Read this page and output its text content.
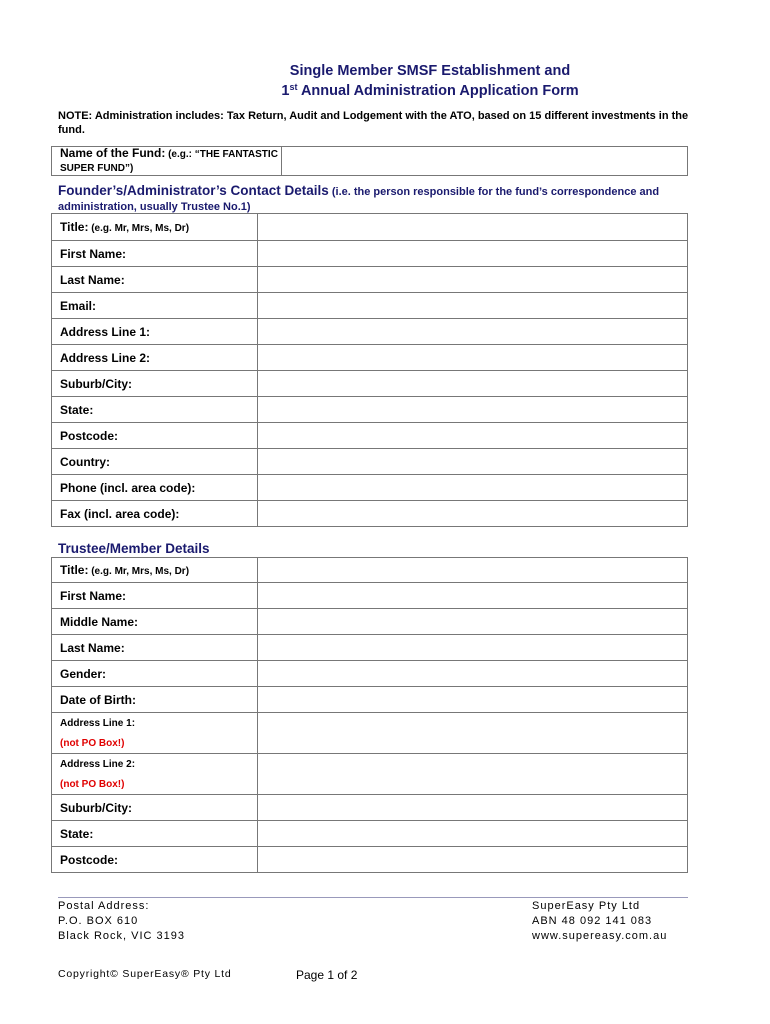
Single Member SMSF Establishment and
1st Annual Administration Application Form
NOTE: Administration includes: Tax Return, Audit and Lodgement with the ATO, based on 15 different investments in the fund.
Name of the Fund: (e.g.: “THE FANTASTIC SUPER FUND”)	
Founder’s/Administrator’s Contact Details (i.e. the person responsible for the fund’s correspondence and administration, usually Trustee No.1)
Title: (e.g. Mr, Mrs, Ms, Dr)	
First Name:	
Last Name:	
Email:	
Address Line 1:	
Address Line 2:	
Suburb/City:	
State:	
Postcode:	
Country:	
Phone (incl. area code):	
Fax (incl. area code):	
Trustee/Member Details
Title: (e.g. Mr, Mrs, Ms, Dr)	
First Name:	
Middle Name:	
Last Name:	
Gender:	
Date of Birth:	
Address Line 1:
(not PO Box!)	
Address Line 2:
(not PO Box!)	
Suburb/City:	
State:	
Postcode:	
Postal Address:
P.O. BOX 610
Black Rock, VIC 3193
SuperEasy Pty Ltd
ABN 48 092 141 083
www.supereasy.com.au
Copyright© SuperEasy® Pty Ltd	Page 1 of 2
